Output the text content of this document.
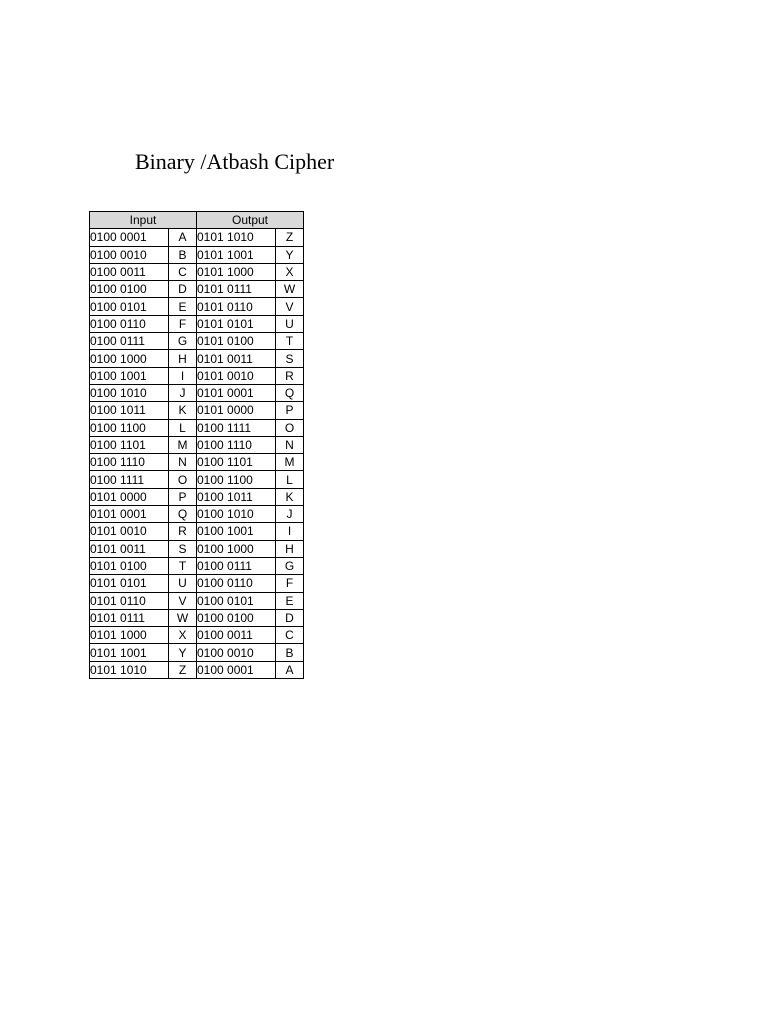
Binary /Atbash Cipher
Input		Output	
0100 0001	A	0101 1010	Z
0100 0010	B	0101 1001	Y
0100 0011	C	0101 1000	X
0100 0100	D	0101 0111	W
0100 0101	E	0101 0110	V
0100 0110	F	0101 0101	U
0100 0111	G	0101 0100	T
0100 1000	H	0101 0011	S
0100 1001	I	0101 0010	R
0100 1010	J	0101 0001	Q
0100 1011	K	0101 0000	P
0100 1100	L	0100 1111	O
0100 1101	M	0100 1110	N
0100 1110	N	0100 1101	M
0100 1111	O	0100 1100	L
0101 0000	P	0100 1011	K
0101 0001	Q	0100 1010	J
0101 0010	R	0100 1001	I
0101 0011	S	0100 1000	H
0101 0100	T	0100 0111	G
0101 0101	U	0100 0110	F
0101 0110	V	0100 0101	E
0101 0111	W	0100 0100	D
0101 1000	X	0100 0011	C
0101 1001	Y	0100 0010	B
0101 1010	Z	0100 0001	A
